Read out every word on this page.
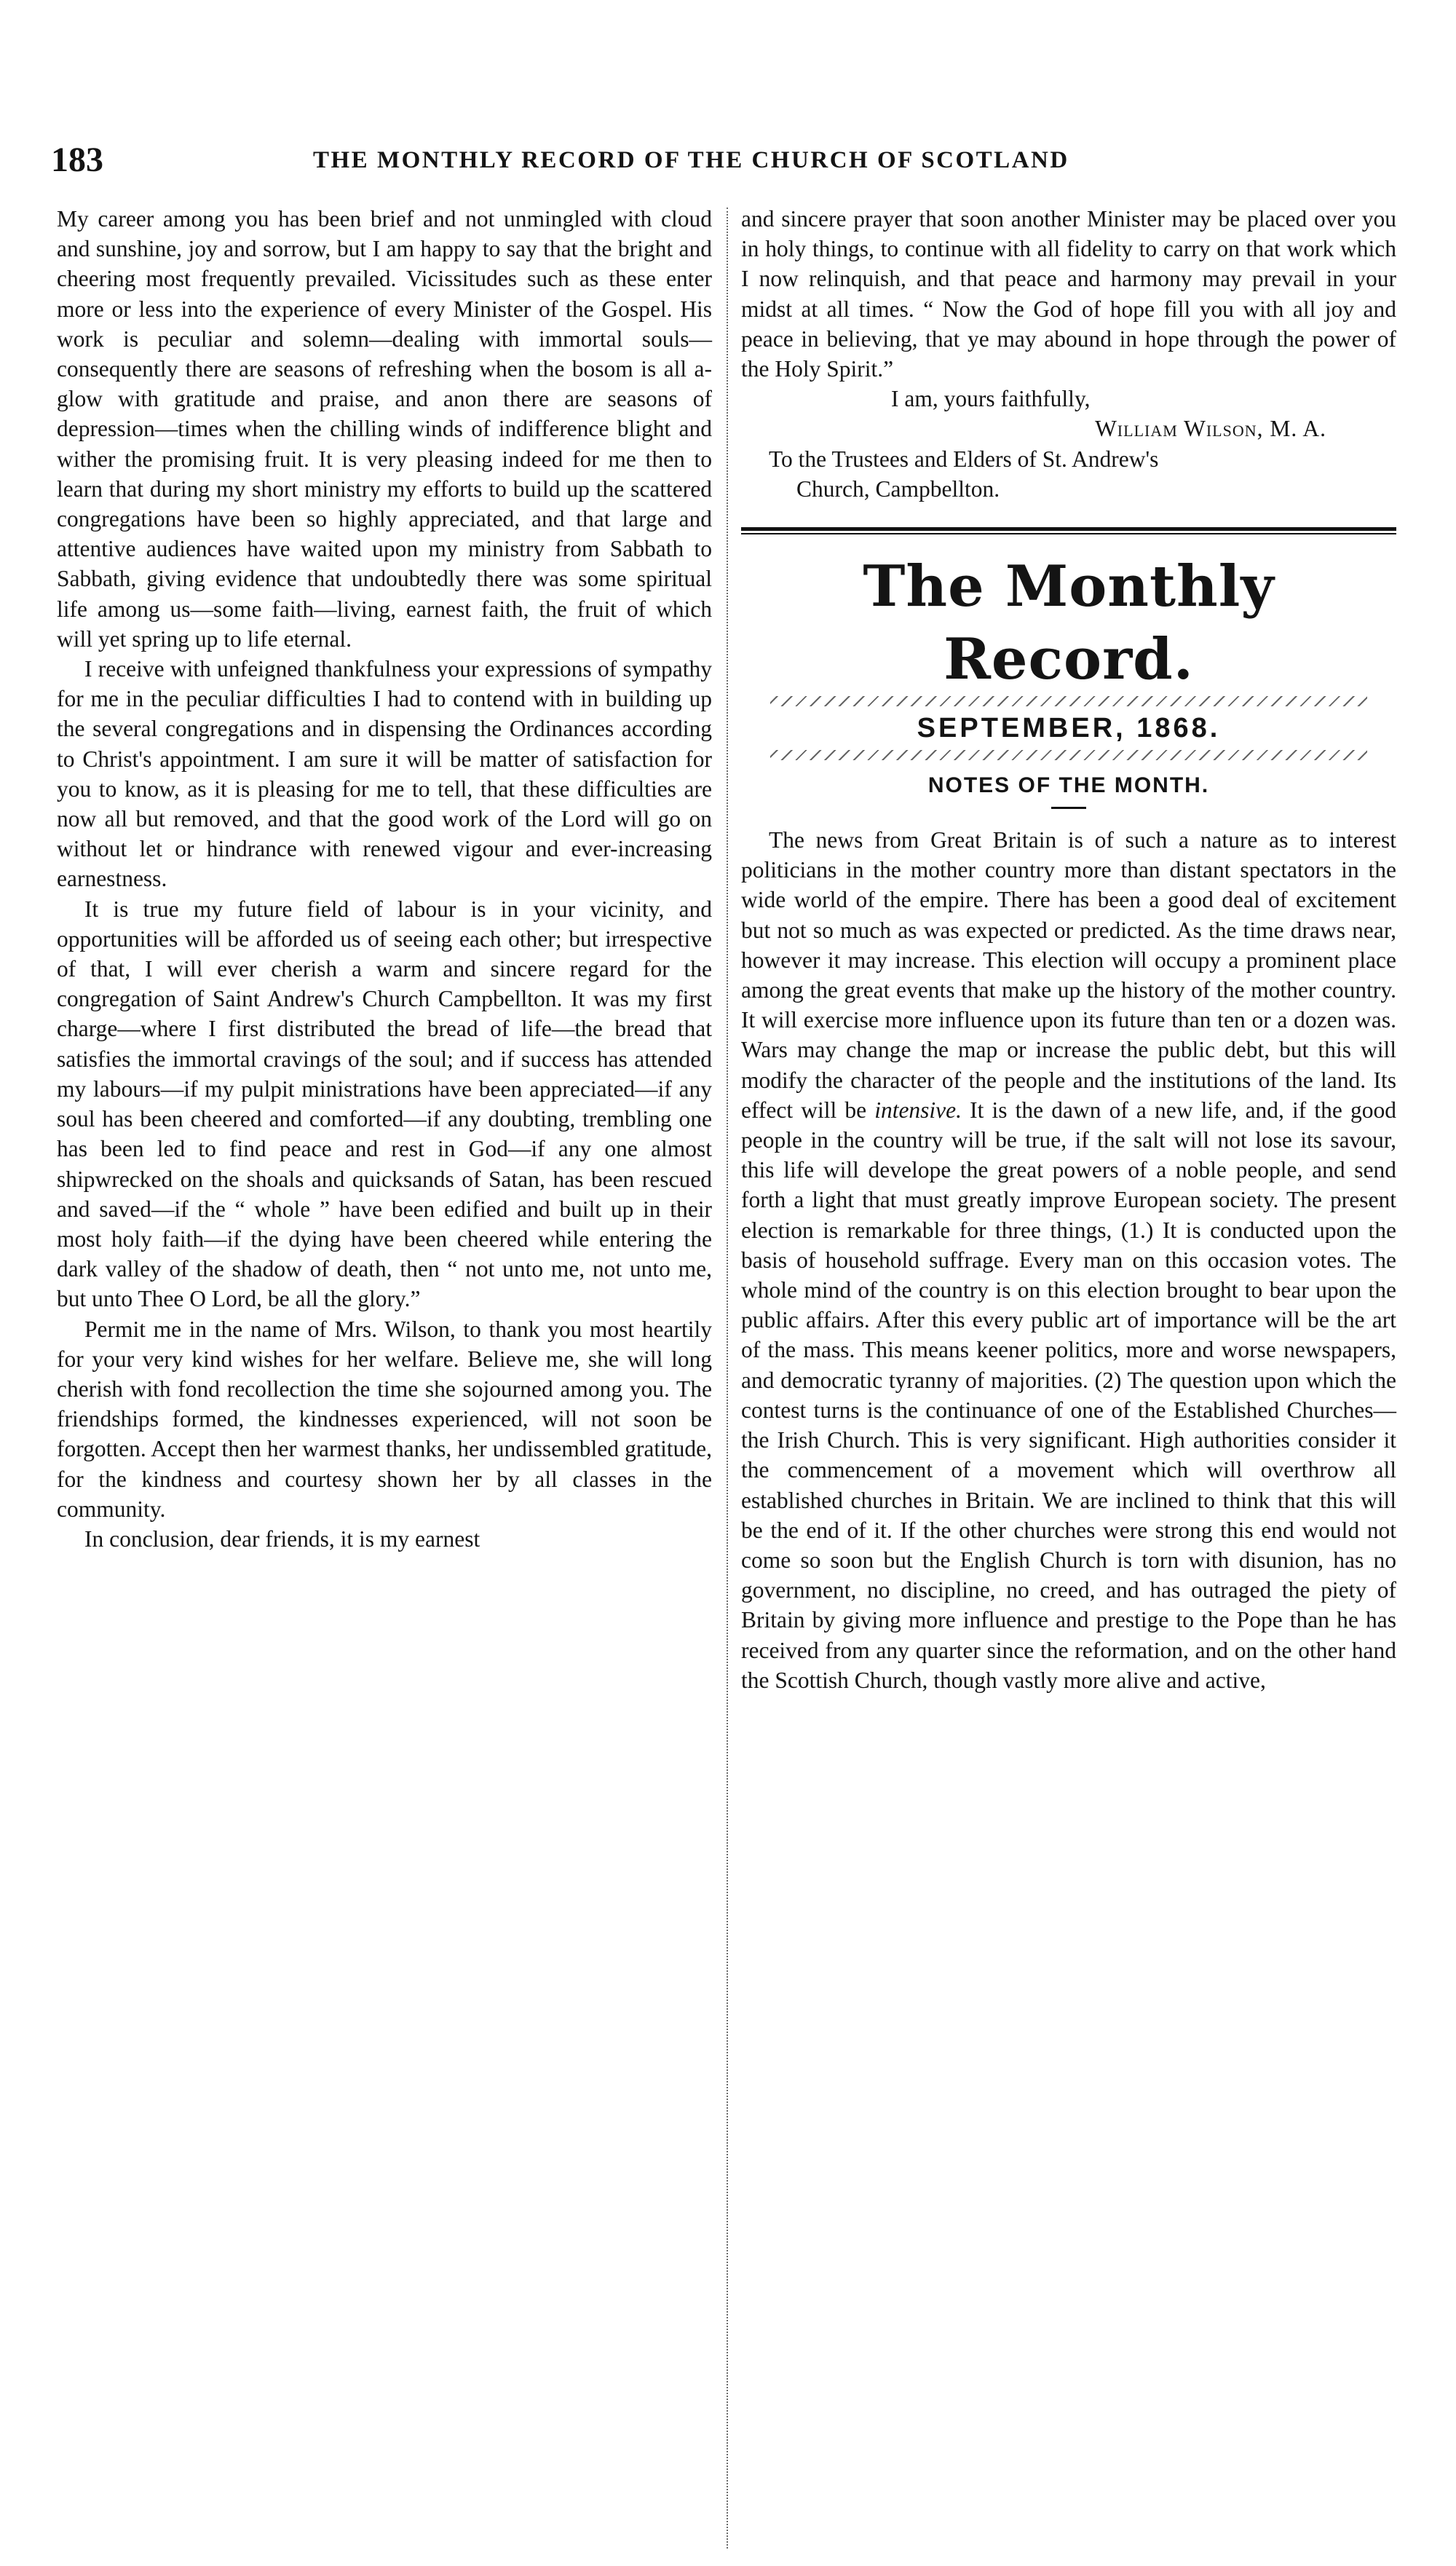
183	THE MONTHLY RECORD OF THE CHURCH OF SCOTLAND

My career among you has been brief and not unmingled with cloud and sunshine, joy and sorrow, but I am happy to say that the bright and cheering most frequently prevailed. Vicissitudes such as these enter more or less into the experience of every Minister of the Gospel. His work is peculiar and solemn—dealing with immortal souls—consequently there are seasons of refreshing when the bosom is all a-glow with gratitude and praise, and anon there are seasons of depression—times when the chilling winds of indifference blight and wither the promising fruit. It is very pleasing indeed for me then to learn that during my short ministry my efforts to build up the scattered congregations have been so highly appreciated, and that large and attentive audiences have waited upon my ministry from Sabbath to Sabbath, giving evidence that undoubtedly there was some spiritual life among us—some faith—living, earnest faith, the fruit of which will yet spring up to life eternal.

I receive with unfeigned thankfulness your expressions of sympathy for me in the peculiar difficulties I had to contend with in building up the several congregations and in dispensing the Ordinances according to Christ's appointment. I am sure it will be matter of satisfaction for you to know, as it is pleasing for me to tell, that these difficulties are now all but removed, and that the good work of the Lord will go on without let or hindrance with renewed vigour and ever-increasing earnestness.

It is true my future field of labour is in your vicinity, and opportunities will be afforded us of seeing each other; but irrespective of that, I will ever cherish a warm and sincere regard for the congregation of Saint Andrew's Church Campbellton. It was my first charge—where I first distributed the bread of life—the bread that satisfies the immortal cravings of the soul; and if success has attended my labours—if my pulpit ministrations have been appreciated—if any soul has been cheered and comforted—if any doubting, trembling one has been led to find peace and rest in God—if any one almost shipwrecked on the shoals and quicksands of Satan, has been rescued and saved—if the “ whole ” have been edified and built up in their most holy faith—if the dying have been cheered while entering the dark valley of the shadow of death, then “ not unto me, not unto me, but unto Thee O Lord, be all the glory.”

Permit me in the name of Mrs. Wilson, to thank you most heartily for your very kind wishes for her welfare. Believe me, she will long cherish with fond recollection the time she sojourned among you. The friendships formed, the kindnesses experienced, will not soon be forgotten. Accept then her warmest thanks, her undissembled gratitude, for the kindness and courtesy shown her by all classes in the community.

In conclusion, dear friends, it is my earnest

and sincere prayer that soon another Minister may be placed over you in holy things, to continue with all fidelity to carry on that work which I now relinquish, and that peace and harmony may prevail in your midst at all times. “ Now the God of hope fill you with all joy and peace in believing, that ye may abound in hope through the power of the Holy Spirit.”

I am, yours faithfully,

William Wilson, M. A.

To the Trustees and Elders of St. Andrew's

Church, Campbellton.

The Monthly Record.
SEPTEMBER, 1868.
NOTES OF THE MONTH.

The news from Great Britain is of such a nature as to interest politicians in the mother country more than distant spectators in the wide world of the empire. There has been a good deal of excitement but not so much as was expected or predicted. As the time draws near, however it may increase. This election will occupy a prominent place among the great events that make up the history of the mother country. It will exercise more influence upon its future than ten or a dozen was. Wars may change the map or increase the public debt, but this will modify the character of the people and the institutions of the land. Its effect will be intensive. It is the dawn of a new life, and, if the good people in the country will be true, if the salt will not lose its savour, this life will develope the great powers of a noble people, and send forth a light that must greatly improve European society. The present election is remarkable for three things, (1.) It is conducted upon the basis of household suffrage. Every man on this occasion votes. The whole mind of the country is on this election brought to bear upon the public affairs. After this every public art of importance will be the art of the mass. This means keener politics, more and worse newspapers, and democratic tyranny of majorities. (2) The question upon which the contest turns is the continuance of one of the Established Churches—the Irish Church. This is very significant. High authorities consider it the commencement of a movement which will overthrow all established churches in Britain. We are inclined to think that this will be the end of it. If the other churches were strong this end would not come so soon but the English Church is torn with disunion, has no government, no discipline, no creed, and has outraged the piety of Britain by giving more influence and prestige to the Pope than he has received from any quarter since the reformation, and on the other hand the Scottish Church, though vastly more alive and active,
